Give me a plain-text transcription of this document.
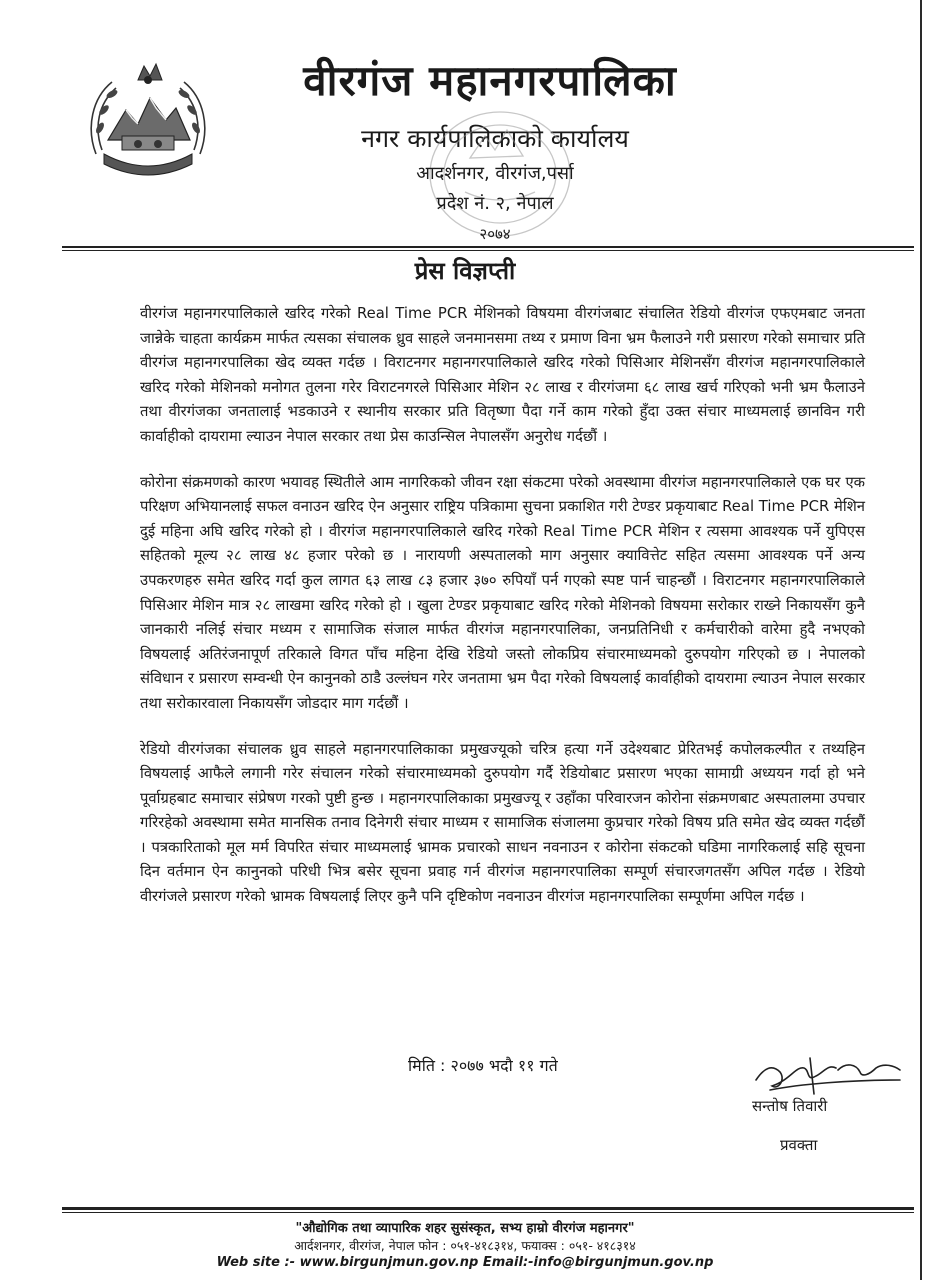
वीरगंज महानगरपालिका
नगर कार्यपालिकाको कार्यालय
आदर्शनगर, वीरगंज,पर्सा
प्रदेश नं. २, नेपाल
२०७४
प्रेस विज्ञप्ती

वीरगंज महानगरपालिकाले खरिद गरेको Real Time PCR मेशिनको विषयमा वीरगंजबाट संचालित रेडियो वीरगंज एफएमबाट जनता जान्नेके चाहता कार्यक्रम मार्फत त्यसका संचालक ध्रुव साहले जनमानसमा तथ्य र प्रमाण विना भ्रम फैलाउने गरी प्रसारण गरेको समाचार प्रति वीरगंज महानगरपालिका खेद व्यक्त गर्दछ । विराटनगर महानगरपालिकाले खरिद गरेको पिसिआर मेशिनसँग वीरगंज महानगरपालिकाले खरिद गरेको मेशिनको मनोगत तुलना गरेर विराटनगरले पिसिआर मेशिन २८ लाख र वीरगंजमा ६८ लाख खर्च गरिएको भनी भ्रम फैलाउने तथा वीरगंजका जनतालाई भडकाउने र स्थानीय सरकार प्रति वितृष्णा पैदा गर्ने काम गरेको हुँदा उक्त संचार माध्यमलाई छानविन गरी कार्वाहीको दायरामा ल्याउन नेपाल सरकार तथा प्रेस काउन्सिल नेपालसँग अनुरोध गर्दछौं ।

कोरोना संक्रमणको कारण भयावह स्थितीले आम नागरिकको जीवन रक्षा संकटमा परेको अवस्थामा वीरगंज महानगरपालिकाले एक घर एक परिक्षण अभियानलाई सफल वनाउन खरिद ऐन अनुसार राष्ट्रिय पत्रिकामा सुचना प्रकाशित गरी टेण्डर प्रकृयाबाट Real Time PCR मेशिन दुई महिना अघि खरिद गरेको हो । वीरगंज महानगरपालिकाले खरिद गरेको Real Time PCR मेशिन र त्यसमा आवश्यक पर्ने युपिएस सहितको मूल्य २८ लाख ४८ हजार परेको छ । नारायणी अस्पतालको माग अनुसार क्यावित्तेट सहित त्यसमा आवश्यक पर्ने अन्य उपकरणहरु समेत खरिद गर्दा कुल लागत ६३ लाख ८३ हजार ३७० रुपियाँ पर्न गएको स्पष्ट पार्न चाहन्छौं । विराटनगर महानगरपालिकाले पिसिआर मेशिन मात्र २८ लाखमा खरिद गरेको हो । खुला टेण्डर प्रकृयाबाट खरिद गरेको मेशिनको विषयमा सरोकार राख्ने निकायसँग कुनै जानकारी नलिई संचार मध्यम र सामाजिक संजाल मार्फत वीरगंज महानगरपालिका, जनप्रतिनिधी र कर्मचारीको वारेमा हुदै नभएको विषयलाई अतिरंजनापूर्ण तरिकाले विगत पाँच महिना देखि रेडियो जस्तो लोकप्रिय संचारमाध्यमको दुरुपयोग गरिएको छ । नेपालको संविधान र प्रसारण सम्वन्धी ऐन कानुनको ठाडै उल्लंघन गरेर जनतामा भ्रम पैदा गरेको विषयलाई कार्वाहीको दायरामा ल्याउन नेपाल सरकार तथा सरोकारवाला निकायसँग जोडदार माग गर्दछौं ।

रेडियो वीरगंजका संचालक ध्रुव साहले महानगरपालिकाका प्रमुखज्यूको चरित्र हत्या गर्ने उदेश्यबाट प्रेरितभई कपोलकल्पीत र तथ्यहिन विषयलाई आफैले लगानी गरेर संचालन गरेको संचारमाध्यमको दुरुपयोग गर्दै रेडियोबाट प्रसारण भएका सामाग्री अध्ययन गर्दा हो भने पूर्वाग्रहबाट समाचार संप्रेषण गरको पुष्टी हुन्छ । महानगरपालिकाका प्रमुखज्यू र उहाँका परिवारजन कोरोना संक्रमणबाट अस्पतालमा उपचार गरिरहेको अवस्थामा समेत मानसिक तनाव दिनेगरी संचार माध्यम र सामाजिक संजालमा कुप्रचार गरेको विषय प्रति समेत खेद व्यक्त गर्दछौं । पत्रकारिताको मूल मर्म विपरित संचार माध्यमलाई भ्रामक प्रचारको साधन नवनाउन र कोरोना संकटको घडिमा नागरिकलाई सहि सूचना दिन वर्तमान ऐन कानुनको परिधी भित्र बसेर सूचना प्रवाह गर्न वीरगंज महानगरपालिका सम्पूर्ण संचारजगतसँग अपिल गर्दछ । रेडियो वीरगंजले प्रसारण गरेको भ्रामक विषयलाई लिएर कुनै पनि दृष्टिकोण नवनाउन वीरगंज महानगरपालिका सम्पूर्णमा अपिल गर्दछ ।

मिति : २०७७ भदौ ११ गते
सन्तोष तिवारी
प्रवक्ता
"औद्योगिक तथा व्यापारिक शहर सुसंस्कृत, सभ्य हाम्रो वीरगंज महानगर"
आर्दशनगर, वीरगंज, नेपाल फोन : ०५१-४१८३१४, फयाक्स : ०५१- ४१८३१४
Web site :- www.birgunjmun.gov.np Email:-info@birgunjmun.gov.np
